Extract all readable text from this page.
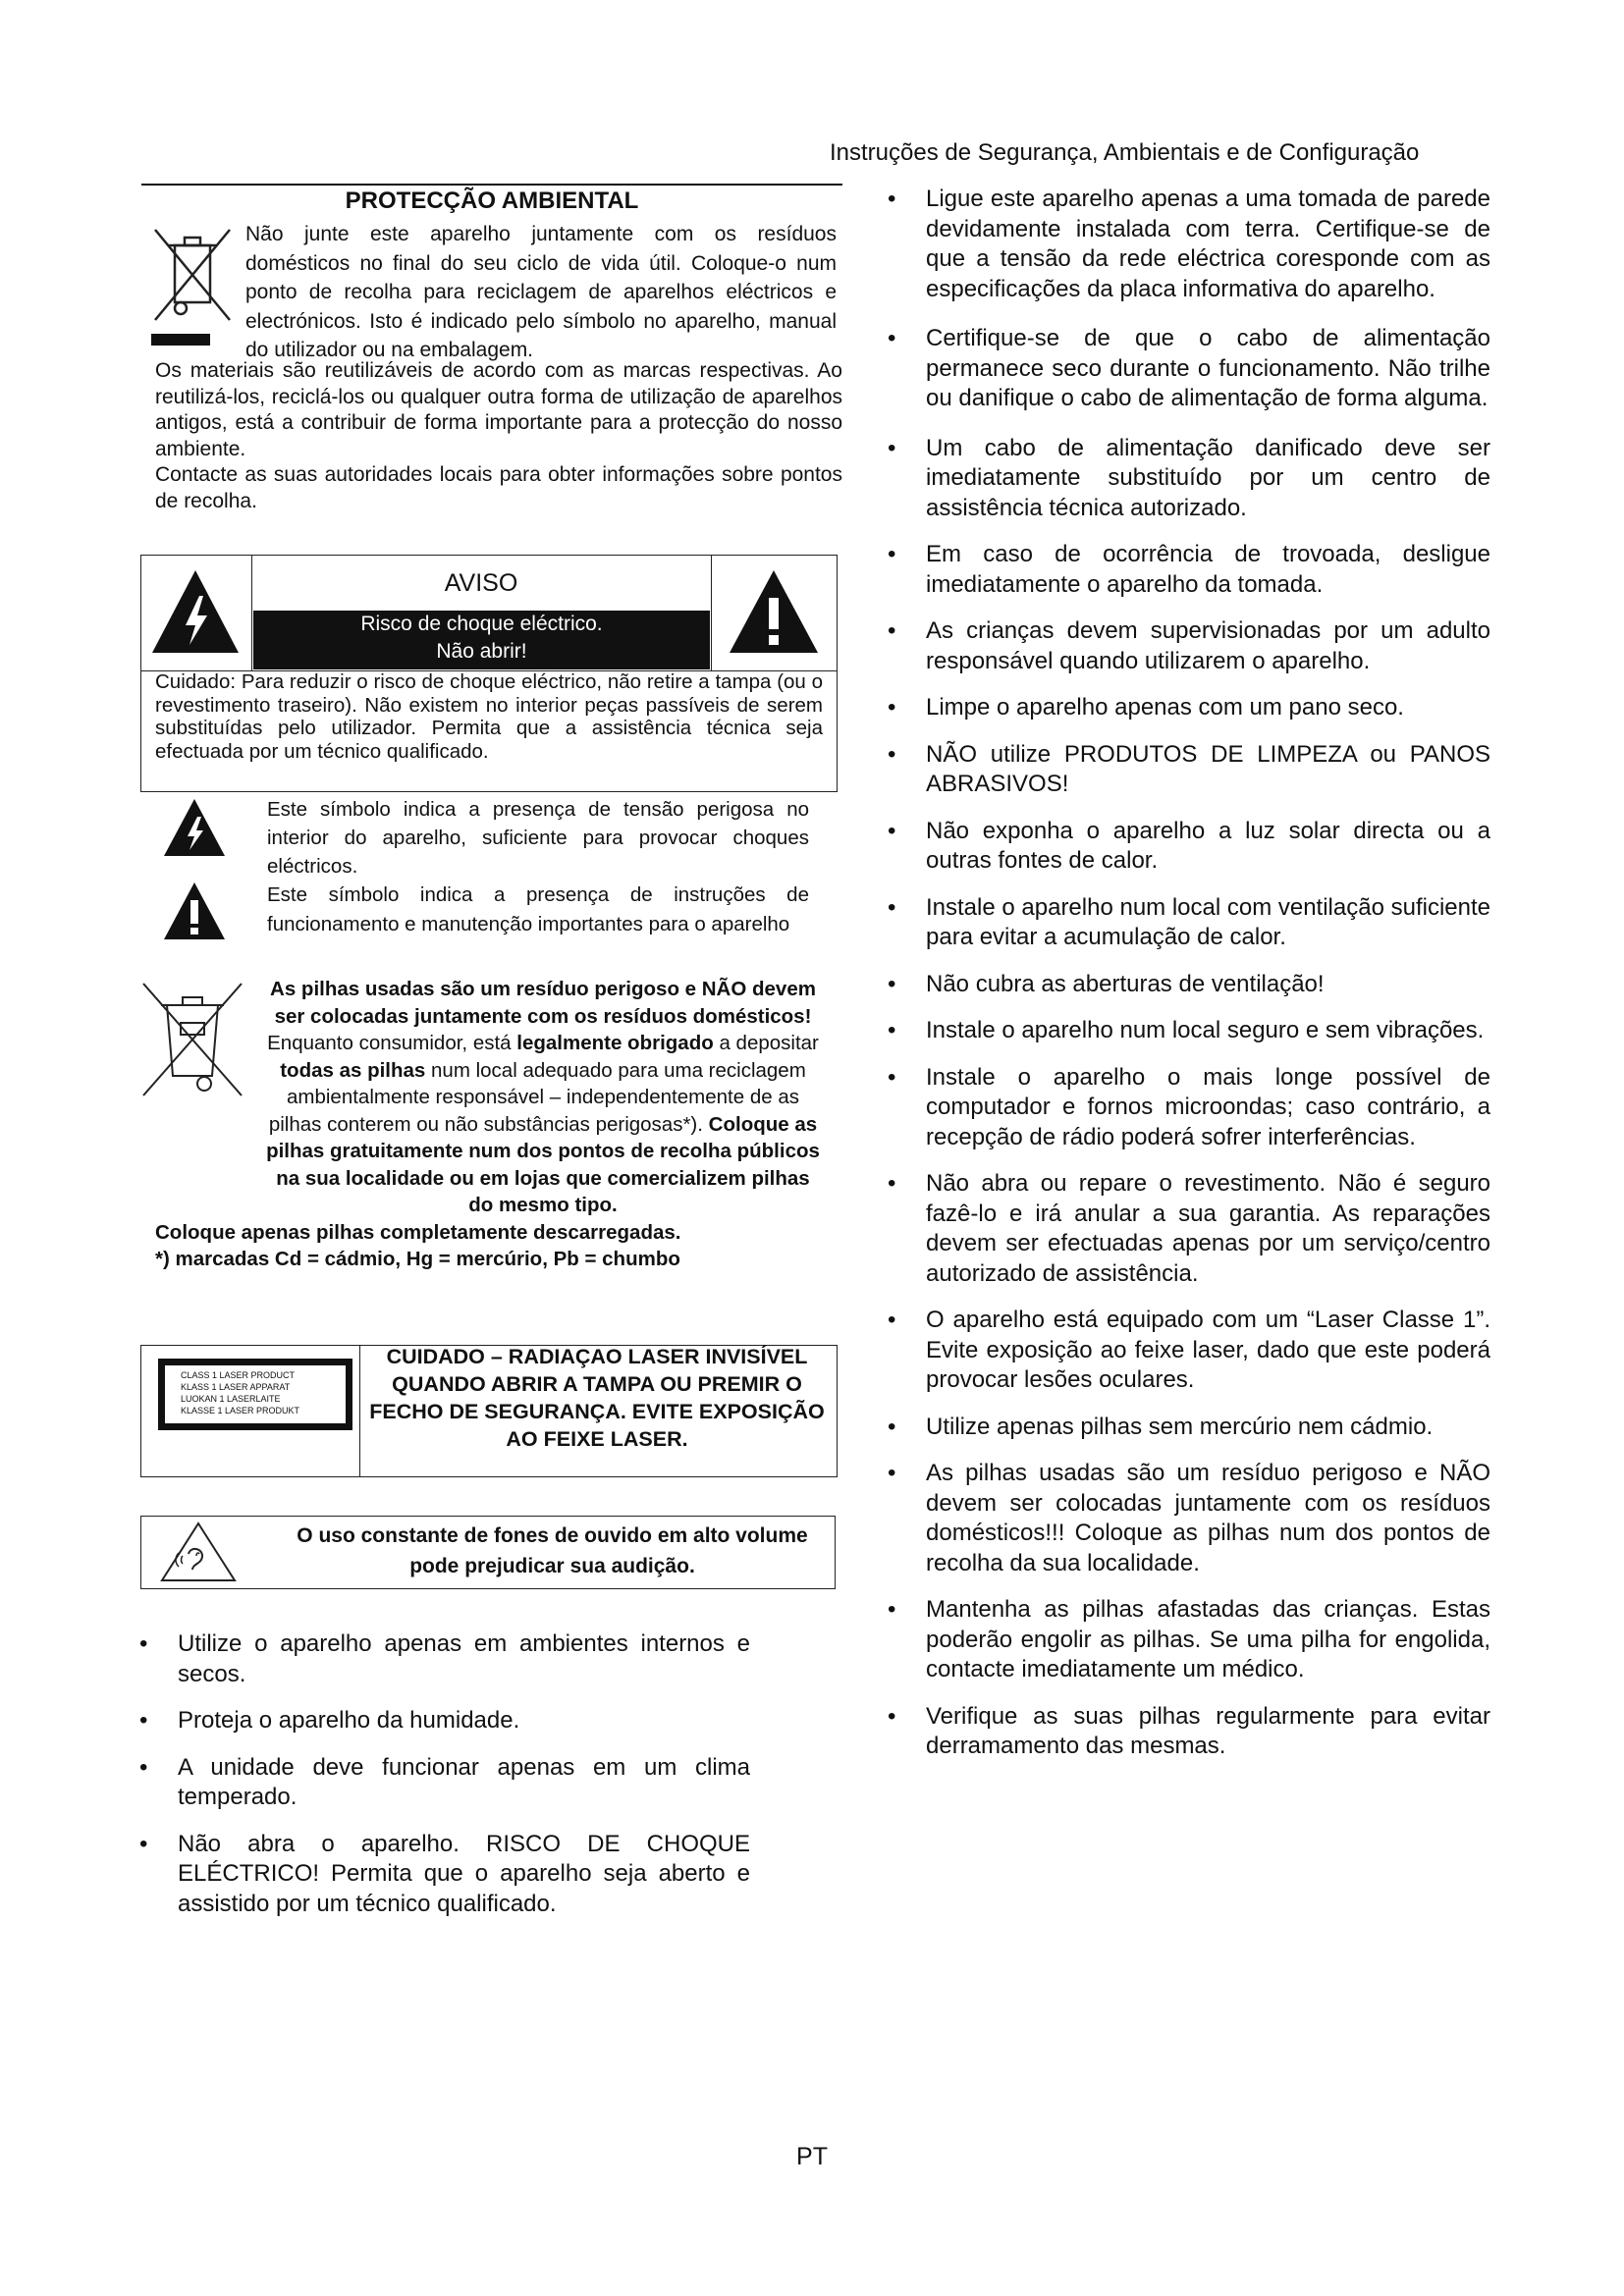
Instruções de Segurança, Ambientais e de Configuração
PROTECÇÃO AMBIENTAL
Não junte este aparelho juntamente com os resíduos domésticos no final do seu ciclo de vida útil. Coloque-o num ponto de recolha para reciclagem de aparelhos eléctricos e electrónicos. Isto é indicado pelo símbolo no aparelho, manual do utilizador ou na embalagem.
Os materiais são reutilizáveis de acordo com as marcas respectivas. Ao reutilizá-los, reciclá-los ou qualquer outra forma de utilização de aparelhos antigos, está a contribuir de forma importante para a protecção do nosso ambiente.
Contacte as suas autoridades locais para obter informações sobre pontos de recolha.
AVISO
Risco de choque eléctrico.
Não abrir!
Cuidado: Para reduzir o risco de choque eléctrico, não retire a tampa (ou o revestimento traseiro). Não existem no interior peças passíveis de serem substituídas pelo utilizador. Permita que a assistência técnica seja efectuada por um técnico qualificado.
Este símbolo indica a presença de tensão perigosa no interior do aparelho, suficiente para provocar choques eléctricos.
Este símbolo indica a presença de instruções de funcionamento e manutenção importantes para o aparelho
As pilhas usadas são um resíduo perigoso e NÃO devem ser colocadas juntamente com os resíduos domésticos! Enquanto consumidor, está legalmente obrigado a depositar todas as pilhas num local adequado para uma reciclagem ambientalmente responsável – independentemente de as pilhas conterem ou não substâncias perigosas*). Coloque as pilhas gratuitamente num dos pontos de recolha públicos na sua localidade ou em lojas que comercializem pilhas do mesmo tipo.
Coloque apenas pilhas completamente descarregadas.
*) marcadas Cd = cádmio, Hg = mercúrio, Pb = chumbo
CLASS 1 LASER PRODUCT
KLASS 1 LASER APPARAT
LUOKAN 1 LASERLAITE
KLASSE 1 LASER PRODUKT
CUIDADO – RADIAÇAO LASER INVISÍVEL QUANDO ABRIR A TAMPA OU PREMIR O FECHO DE SEGURANÇA. EVITE EXPOSIÇÃO AO FEIXE LASER.
O uso constante de fones de ouvido em alto volume pode prejudicar sua audição.
• Utilize o aparelho apenas em ambientes internos e secos.
• Proteja o aparelho da humidade.
• A unidade deve funcionar apenas em um clima temperado.
• Não abra o aparelho. RISCO DE CHOQUE ELÉCTRICO! Permita que o aparelho seja aberto e assistido por um técnico qualificado.
• Ligue este aparelho apenas a uma tomada de parede devidamente instalada com terra. Certifique-se de que a tensão da rede eléctrica coresponde com as especificações da placa informativa do aparelho.
• Certifique-se de que o cabo de alimentação permanece seco durante o funcionamento. Não trilhe ou danifique o cabo de alimentação de forma alguma.
• Um cabo de alimentação danificado deve ser imediatamente substituído por um centro de assistência técnica autorizado.
• Em caso de ocorrência de trovoada, desligue imediatamente o aparelho da tomada.
• As crianças devem supervisionadas por um adulto responsável quando utilizarem o aparelho.
• Limpe o aparelho apenas com um pano seco.
• NÃO utilize PRODUTOS DE LIMPEZA ou PANOS ABRASIVOS!
• Não exponha o aparelho a luz solar directa ou a outras fontes de calor.
• Instale o aparelho num local com ventilação suficiente para evitar a acumulação de calor.
• Não cubra as aberturas de ventilação!
• Instale o aparelho num local seguro e sem vibrações.
• Instale o aparelho o mais longe possível de computador e fornos microondas; caso contrário, a recepção de rádio poderá sofrer interferências.
• Não abra ou repare o revestimento. Não é seguro fazê-lo e irá anular a sua garantia. As reparações devem ser efectuadas apenas por um serviço/centro autorizado de assistência.
• O aparelho está equipado com um “Laser Classe 1”. Evite exposição ao feixe laser, dado que este poderá provocar lesões oculares.
• Utilize apenas pilhas sem mercúrio nem cádmio.
• As pilhas usadas são um resíduo perigoso e NÃO devem ser colocadas juntamente com os resíduos domésticos!!! Coloque as pilhas num dos pontos de recolha da sua localidade.
• Mantenha as pilhas afastadas das crianças. Estas poderão engolir as pilhas. Se uma pilha for engolida, contacte imediatamente um médico.
• Verifique as suas pilhas regularmente para evitar derramamento das mesmas.
PT
